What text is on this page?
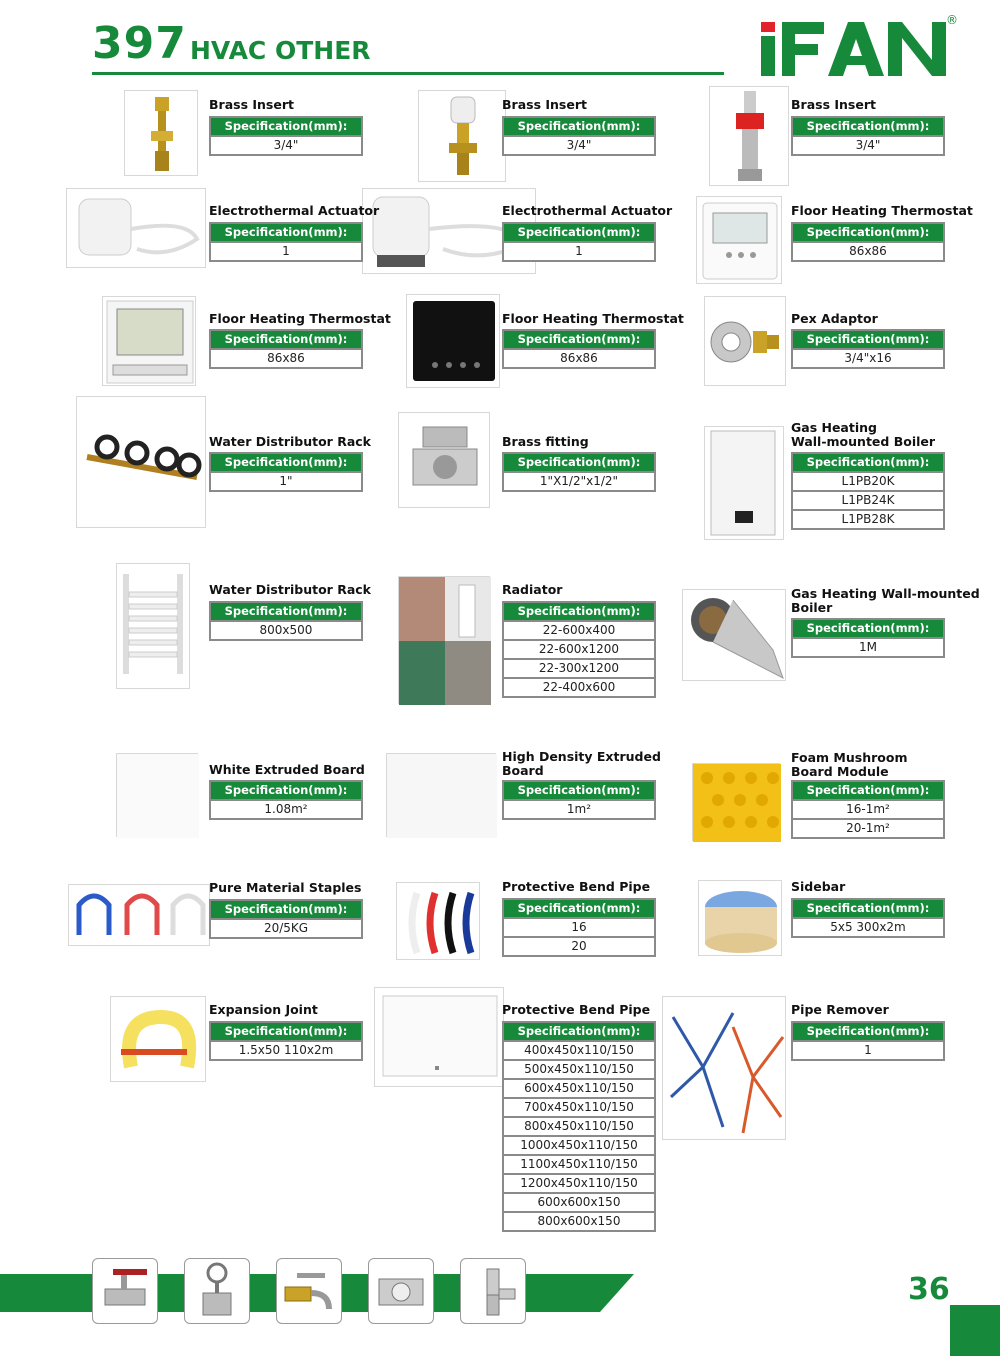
397 HVAC OTHER
®
Brass Insert
Specification(mm):
3/4"
Brass Insert
Specification(mm):
3/4"
Brass Insert
Specification(mm):
3/4"
Electrothermal Actuator
Specification(mm):
1
Electrothermal Actuator
Specification(mm):
1
Floor Heating Thermostat
Specification(mm):
86x86
Floor Heating Thermostat
Specification(mm):
86x86
Floor Heating Thermostat
Specification(mm):
86x86
Pex Adaptor
Specification(mm):
3/4"x16
Water Distributor Rack
Specification(mm):
1"
Brass fitting
Specification(mm):
1"X1/2"x1/2"
Gas Heating
Wall-mounted Boiler
Specification(mm):
L1PB20K
L1PB24K
L1PB28K
Water Distributor Rack
Specification(mm):
800x500
Radiator
Specification(mm):
22-600x400
22-600x1200
22-300x1200
22-400x600
Gas Heating Wall-mounted
Boiler
Specification(mm):
1M
White Extruded Board
Specification(mm):
1.08m²
High Density Extruded
Board
Specification(mm):
1m²
Foam Mushroom
Board Module
Specification(mm):
16-1m²
20-1m²
Pure Material Staples
Specification(mm):
20/5KG
Protective Bend Pipe
Specification(mm):
16
20
Sidebar
Specification(mm):
5x5 300x2m
Expansion Joint
Specification(mm):
1.5x50 110x2m
Protective Bend Pipe
Specification(mm):
400x450x110/150
500x450x110/150
600x450x110/150
700x450x110/150
800x450x110/150
1000x450x110/150
1100x450x110/150
1200x450x110/150
600x600x150
800x600x150
Pipe Remover
Specification(mm):
1
36
